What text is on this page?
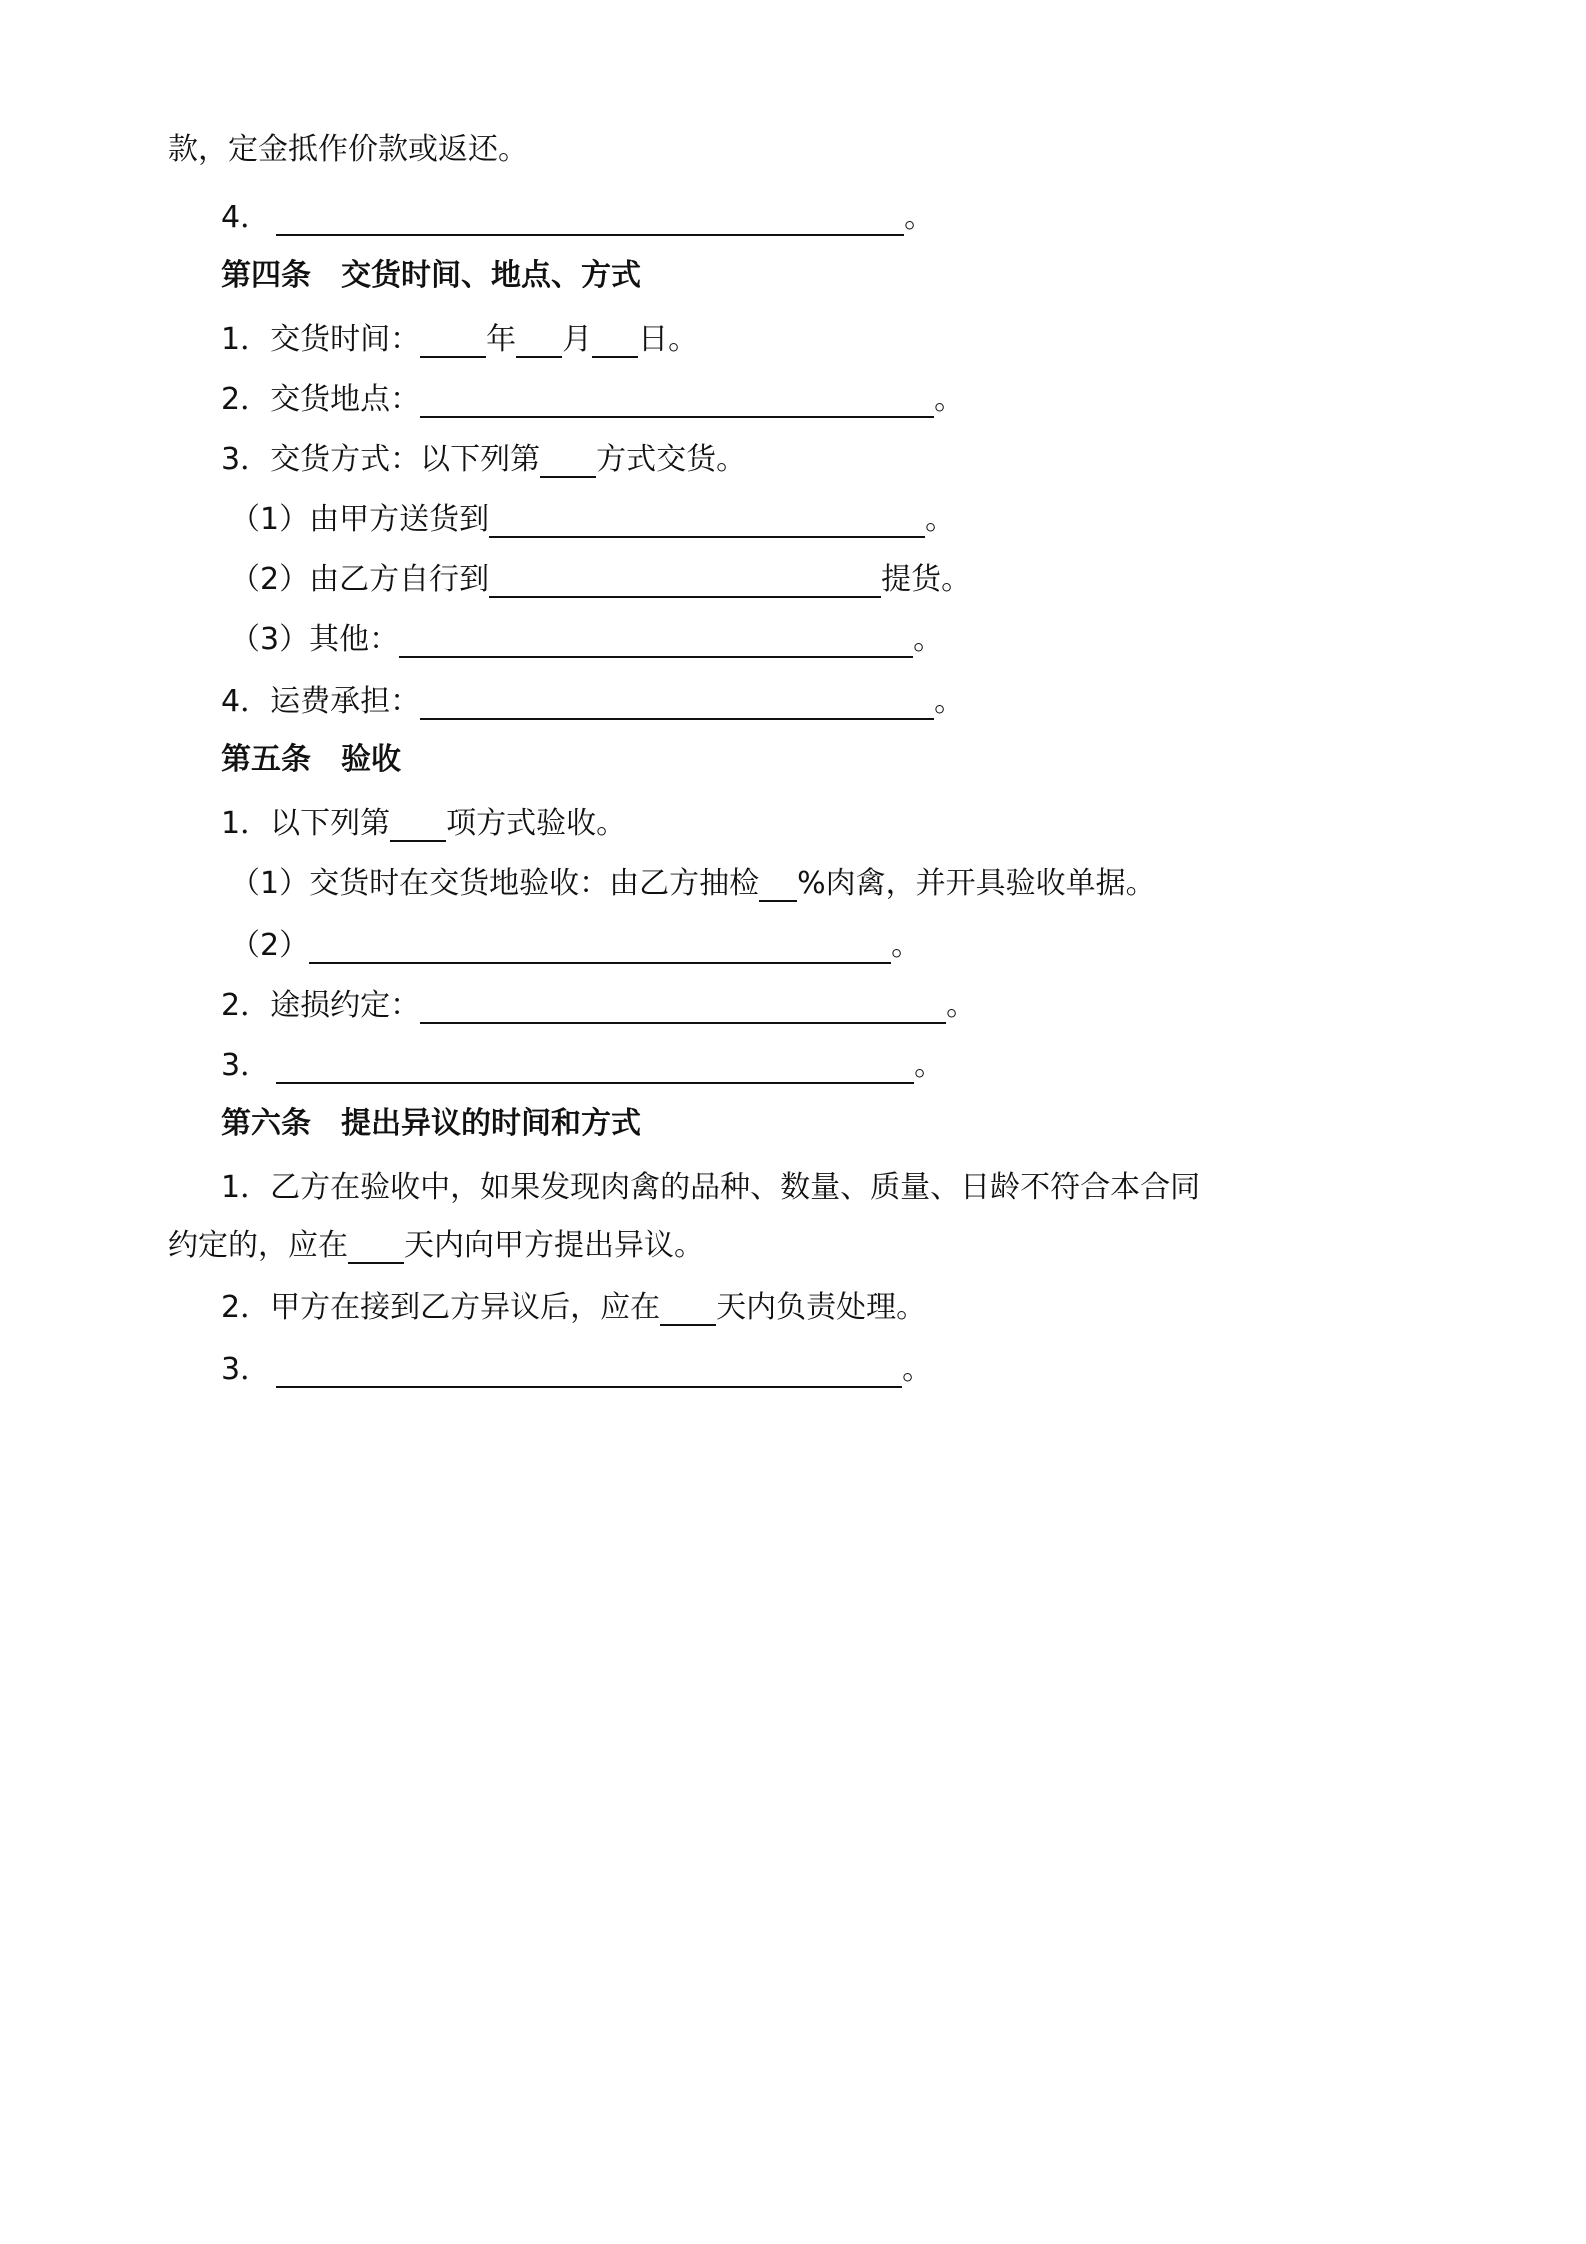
款，定金抵作价款或返还。
4．	。
第四条 交货时间、地点、方式
1．交货时间： 年 月 日。
2．交货地点：	。
3．交货方式：以下列第 方式交货。
（1）由甲方送货到	。
（2）由乙方自行到	提货。
（3）其他：	。
4．运费承担：	。
第五条 验收
1．以下列第 项方式验收。
（1）交货时在交货地验收：由乙方抽检 %肉禽，并开具验收单据。
（2）	。
2．途损约定：	。
3．	。
第六条 提出异议的时间和方式
1．乙方在验收中，如果发现肉禽的品种、数量、质量、日龄不符合本合同
约定的，应在 天内向甲方提出异议。
2．甲方在接到乙方异议后，应在 天内负责处理。
3．	。
